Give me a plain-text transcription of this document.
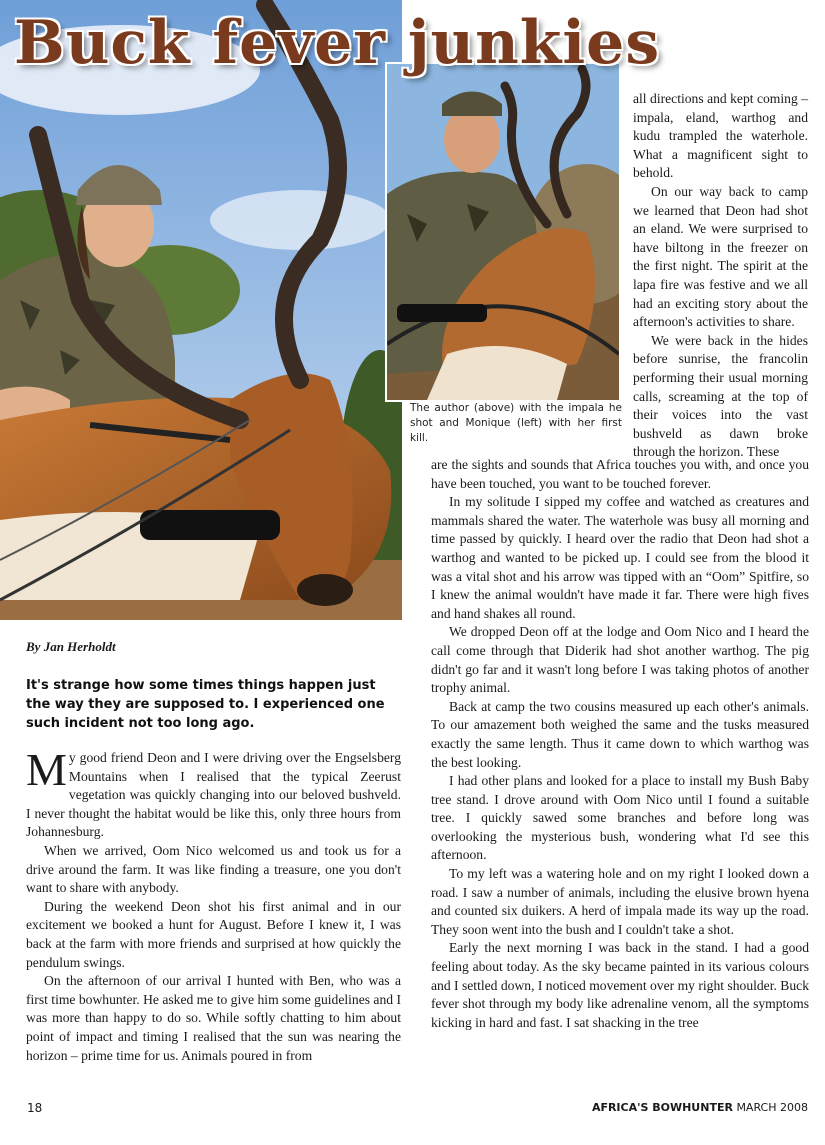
Buck fever junkies
The author (above) with the impala he shot and Monique (left) with her first kill.

all directions and kept coming – impala, eland, warthog and kudu trampled the waterhole. What a magnificent sight to behold.

On our way back to camp we learned that Deon had shot an eland. We were surprised to have biltong in the freezer on the first night. The spirit at the lapa fire was festive and we all had an exciting story about the afternoon's activities to share.

We were back in the hides before sunrise, the francolin performing their usual morning calls, screaming at the top of their voices into the vast bushveld as dawn broke through the horizon. These

By Jan Herholdt

It's strange how some times things happen just the way they are supposed to. I experienced one such incident not too long ago.

My good friend Deon and I were driving over the Engselsberg Mountains when I realised that the typical Zeerust vegetation was quickly changing into our beloved bushveld. I never thought the habitat would be like this, only three hours from Johannesburg.

When we arrived, Oom Nico welcomed us and took us for a drive around the farm. It was like finding a treasure, one you don't want to share with anybody.

During the weekend Deon shot his first animal and in our excitement we booked a hunt for August. Before I knew it, I was back at the farm with more friends and surprised at how quickly the pendulum swings.

On the afternoon of our arrival I hunted with Ben, who was a first time bowhunter. He asked me to give him some guidelines and I was more than happy to do so. While softly chatting to him about point of impact and timing I realised that the sun was nearing the horizon – prime time for us. Animals poured in from

are the sights and sounds that Africa touches you with, and once you have been touched, you want to be touched forever.

In my solitude I sipped my coffee and watched as creatures and mammals shared the water. The waterhole was busy all morning and time passed by quickly. I heard over the radio that Deon had shot a warthog and wanted to be picked up. I could see from the blood it was a vital shot and his arrow was tipped with an “Oom” Spitfire, so I knew the animal wouldn't have made it far. There were high fives and hand shakes all round.

We dropped Deon off at the lodge and Oom Nico and I heard the call come through that Diderik had shot another warthog. The pig didn't go far and it wasn't long before I was taking photos of another trophy animal.

Back at camp the two cousins measured up each other's animals. To our amazement both weighed the same and the tusks measured exactly the same length. Thus it came down to which warthog was the best looking.

I had other plans and looked for a place to install my Bush Baby tree stand. I drove around with Oom Nico until I found a suitable tree. I quickly sawed some branches and before long was overlooking the mysterious bush, wondering what I'd see this afternoon.

To my left was a watering hole and on my right I looked down a road. I saw a number of animals, including the elusive brown hyena and counted six duikers. A herd of impala made its way up the road. They soon went into the bush and I couldn't take a shot.

Early the next morning I was back in the stand. I had a good feeling about today. As the sky became painted in its various colours and I settled down, I noticed movement over my right shoulder. Buck fever shot through my body like adrenaline venom, all the symptoms kicking in hard and fast. I sat shacking in the tree

18	AFRICA'S BOWHUNTER MARCH 2008
